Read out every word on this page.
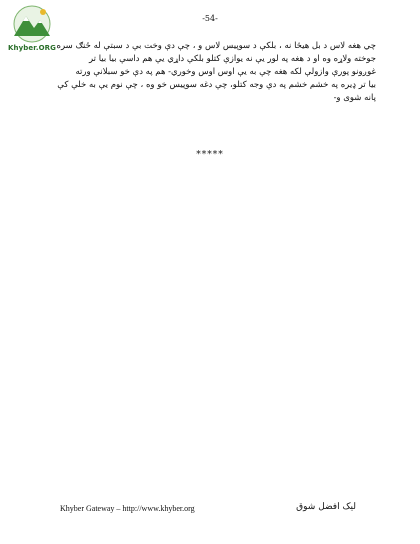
Khyber.ORG
-54-
چي هغه لاس د بل هيڅا نه ، بلکې د سوپيس لاس و ، چې دې وخت بې د سبتې له ځنګ سره
جوخته ولاړه وه او د هغه په لور يې نه يوازې کتلو بلکې داړي يې هم داسې بيا بيا تر
غوږونو پورې وازولې لکه هغه چې به يې اوس اوس وخوري- هم په دې خو سبلانې ورته
بيا تر ډيره په خشم خشم په دې وجه کتلو، چې دغه سوپيس خو وه ، چې نوم يې به خلې کې
پانه شوی و-
*****
Khyber Gateway – http://www.khyber.org	ليک افضل شوق
